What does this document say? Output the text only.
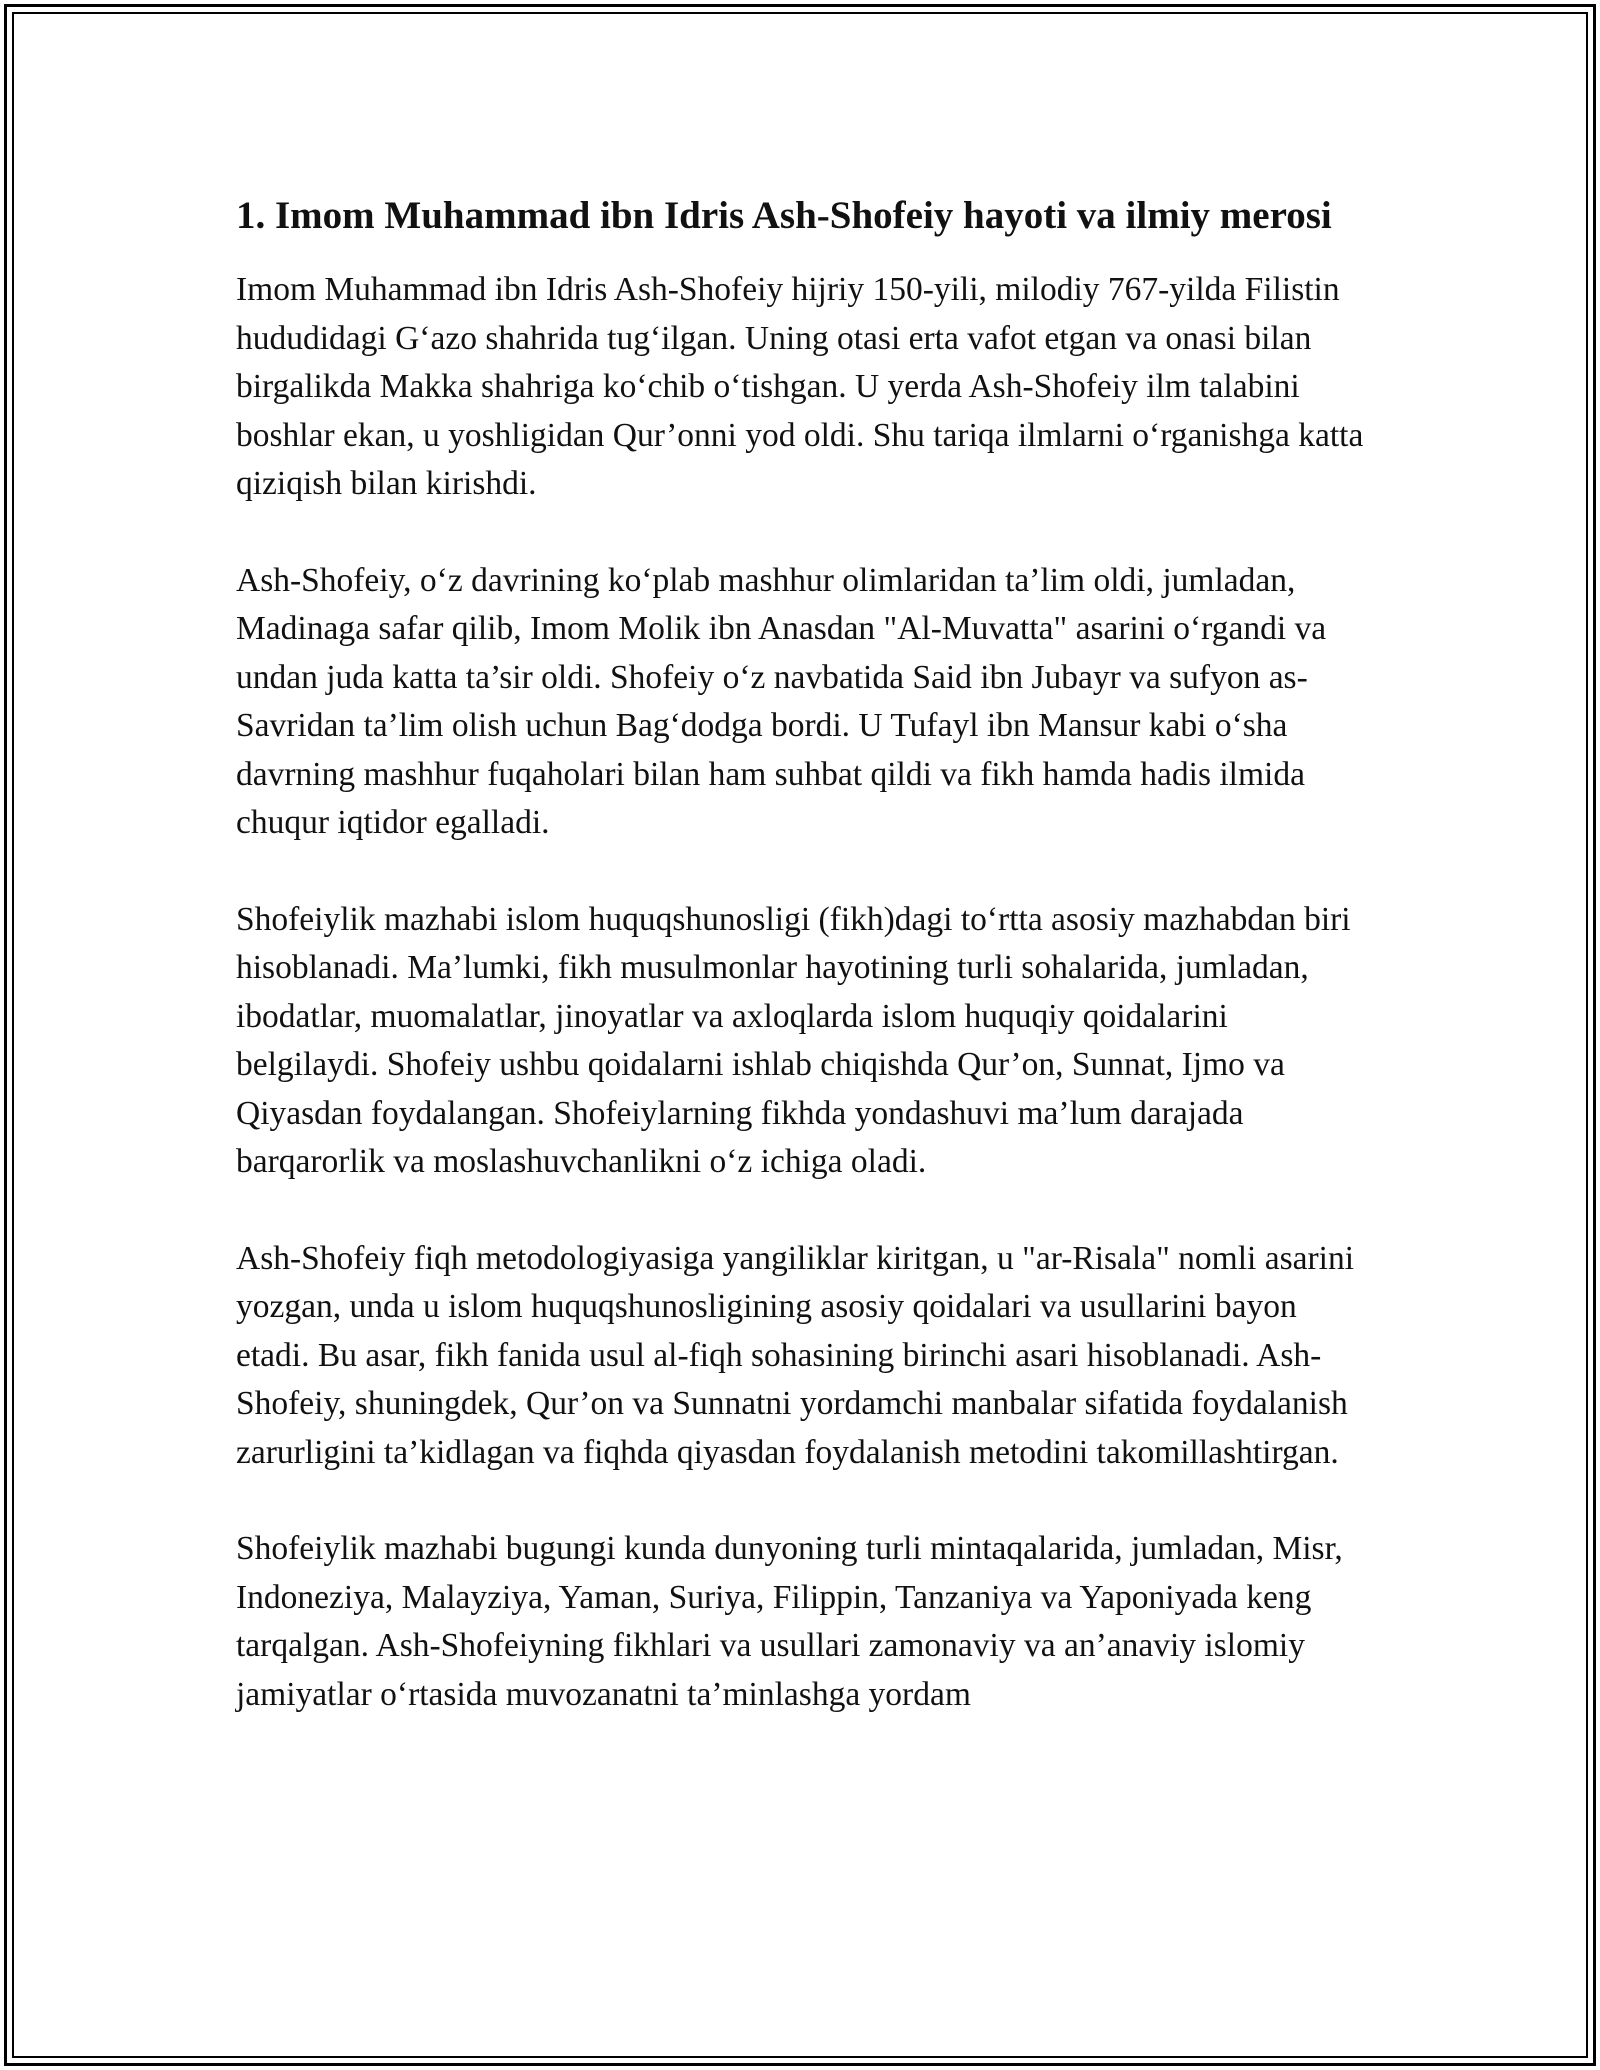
1. Imom Muhammad ibn Idris Ash-Shofeiy hayoti va ilmiy merosi

Imom Muhammad ibn Idris Ash-Shofeiy hijriy 150-yili, milodiy 767-yilda Filistin hududidagi G‘azo shahrida tug‘ilgan. Uning otasi erta vafot etgan va onasi bilan birgalikda Makka shahriga ko‘chib o‘tishgan. U yerda Ash-Shofeiy ilm talabini boshlar ekan, u yoshligidan Qur’onni yod oldi. Shu tariqa ilmlarni o‘rganishga katta qiziqish bilan kirishdi.

Ash-Shofeiy, o‘z davrining ko‘plab mashhur olimlaridan ta’lim oldi, jumladan, Madinaga safar qilib, Imom Molik ibn Anasdan "Al-Muvatta" asarini o‘rgandi va undan juda katta ta’sir oldi. Shofeiy o‘z navbatida Said ibn Jubayr va sufyon as-Savridan ta’lim olish uchun Bag‘dodga bordi. U Tufayl ibn Mansur kabi o‘sha davrning mashhur fuqaholari bilan ham suhbat qildi va fikh hamda hadis ilmida chuqur iqtidor egalladi.

Shofeiylik mazhabi islom huquqshunosligi (fikh)dagi to‘rtta asosiy mazhabdan biri hisoblanadi. Ma’lumki, fikh musulmonlar hayotining turli sohalarida, jumladan, ibodatlar, muomalatlar, jinoyatlar va axloqlarda islom huquqiy qoidalarini belgilaydi. Shofeiy ushbu qoidalarni ishlab chiqishda Qur’on, Sunnat, Ijmo va Qiyasdan foydalangan. Shofeiylarning fikhda yondashuvi ma’lum darajada barqarorlik va moslashuvchanlikni o‘z ichiga oladi.

Ash-Shofeiy fiqh metodologiyasiga yangiliklar kiritgan, u "ar-Risala" nomli asarini yozgan, unda u islom huquqshunosligining asosiy qoidalari va usullarini bayon etadi. Bu asar, fikh fanida usul al-fiqh sohasining birinchi asari hisoblanadi. Ash-Shofeiy, shuningdek, Qur’on va Sunnatni yordamchi manbalar sifatida foydalanish zarurligini ta’kidlagan va fiqhda qiyasdan foydalanish metodini takomillashtirgan.

Shofeiylik mazhabi bugungi kunda dunyoning turli mintaqalarida, jumladan, Misr, Indoneziya, Malayziya, Yaman, Suriya, Filippin, Tanzaniya va Yaponiyada keng tarqalgan. Ash-Shofeiyning fikhlari va usullari zamonaviy va an’anaviy islomiy jamiyatlar o‘rtasida muvozanatni ta’minlashga yordam
